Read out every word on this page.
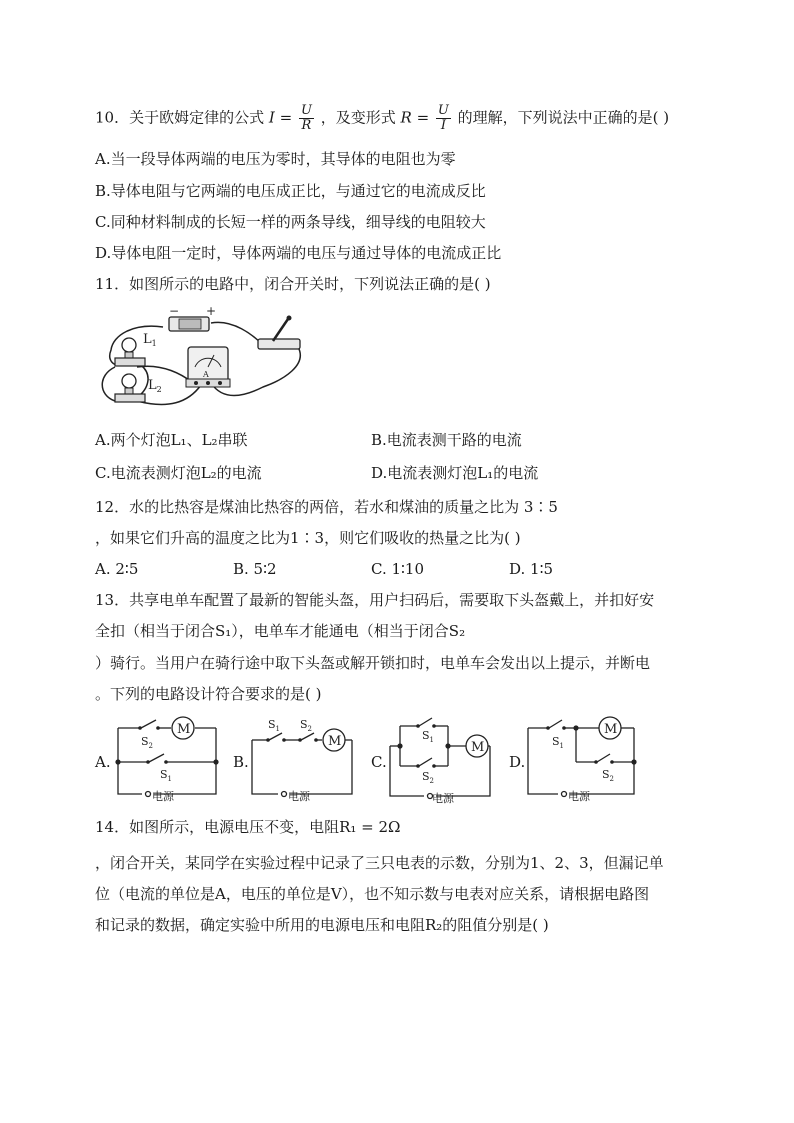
10．关于欧姆定律的公式 $I = \frac{U}{R}$ ，及变形式 $R = \frac{U}{I}$ 的理解，下列说法中正确的是( )
A.当一段导体两端的电压为零时，其导体的电阻也为零
B.导体电阻与它两端的电压成正比，与通过它的电流成反比
C.同种材料制成的长短一样的两条导线，细导线的电阻较大
D.导体电阻一定时，导体两端的电压与通过导体的电流成正比
11．如图所示的电路中，闭合开关时，下列说法正确的是( )
− +
A
$L_1$
$L_2$
A.两个灯泡L₁、L₂串联	B.电流表测干路的电流
C.电流表测灯泡L₂的电流	D.电流表测灯泡L₁的电流
12．水的比热容是煤油比热容的两倍，若水和煤油的质量之比为 3∶5
，如果它们升高的温度之比为1∶3，则它们吸收的热量之比为( )
A. 2∶5	B. 5∶2	C. 1∶10	D. 1∶5
13．共享电单车配置了最新的智能头盔，用户扫码后，需要取下头盔戴上，并扣好安
全扣（相当于闭合S₁），电单车才能通电（相当于闭合S₂
）骑行。当用户在骑行途中取下头盔或解开锁扣时，电单车会发出以上提示，并断电
。下列的电路设计符合要求的是( )
A.
M
$S_2$
$S_1$
电源
B.
M
$S_1$ $S_2$
电源
C.
M
$S_1$
$S_2$
电源
D.
M
$S_1$
$S_2$
电源
14．如图所示，电源电压不变，电阻R₁ = 2Ω
，闭合开关，某同学在实验过程中记录了三只电表的示数，分别为1、2、3，但漏记单
位（电流的单位是A，电压的单位是V），也不知示数与电表对应关系，请根据电路图
和记录的数据，确定实验中所用的电源电压和电阻R₂的阻值分别是( )
